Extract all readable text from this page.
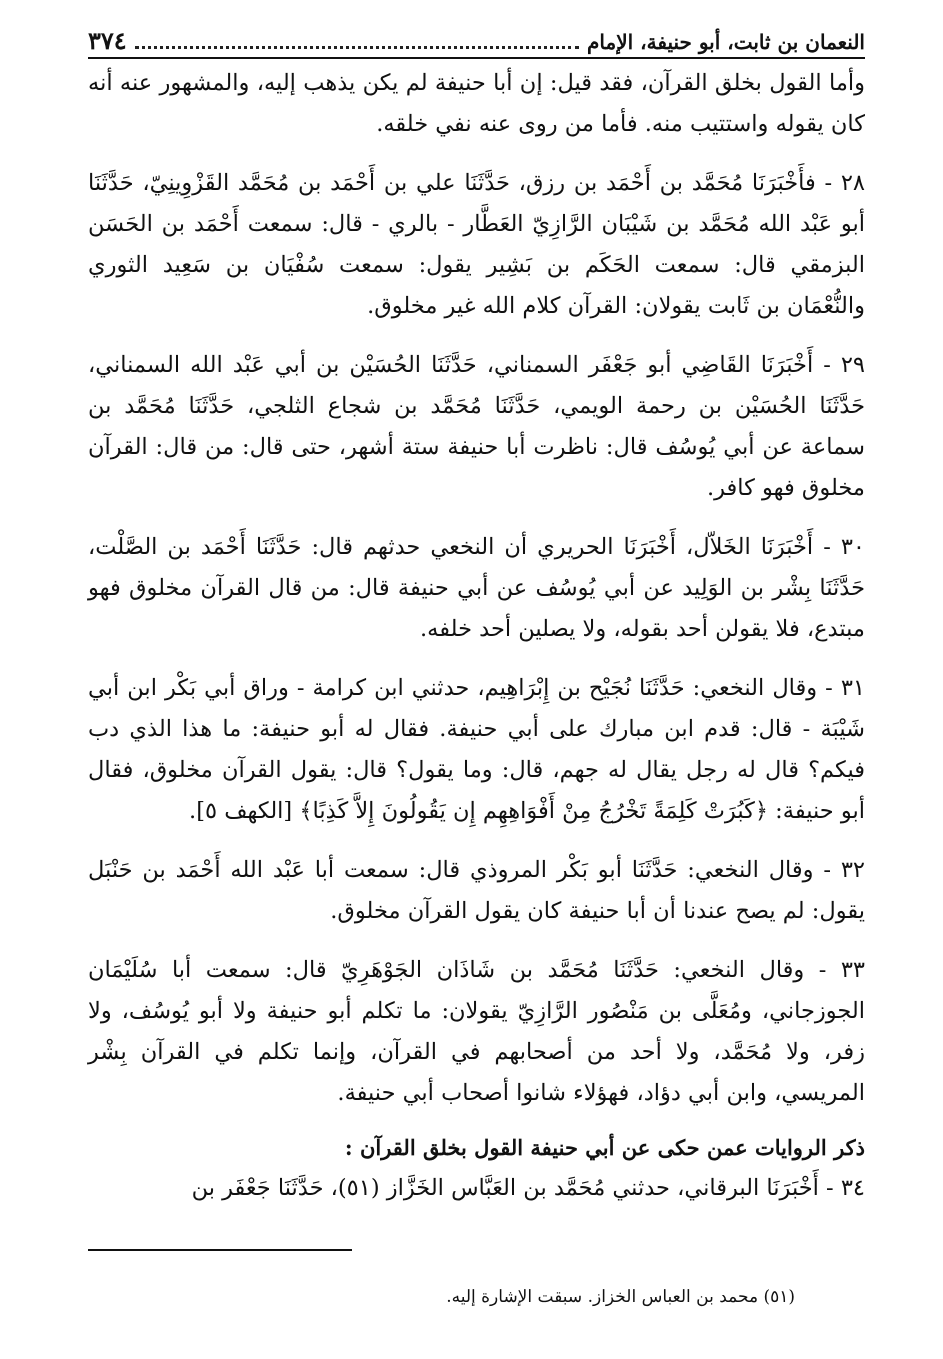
النعمان بن ثابت، أبو حنيفة، الإمام
٣٧٤

وأما القول بخلق القرآن، فقد قيل: إن أبا حنيفة لم يكن يذهب إليه، والمشهور عنه أنه كان يقوله واستتيب منه. فأما من روى عنه نفي خلقه.

٢٨ - فأَخْبَرَنَا مُحَمَّد بن أَحْمَد بن رزق، حَدَّثَنَا علي بن أَحْمَد بن مُحَمَّد القَزْوِينِيّ، حَدَّثَنَا أبو عَبْد الله مُحَمَّد بن شَيْبَان الرَّازِيّ العَطَّار - بالري - قال: سمعت أَحْمَد بن الحَسَن البزمقي قال: سمعت الحَكَم بن بَشِير يقول: سمعت سُفْيَان بن سَعِيد الثوري والنُّعْمَان بن ثَابت يقولان: القرآن كلام الله غير مخلوق.

٢٩ - أَخْبَرَنَا القَاضِي أبو جَعْفَر السمناني، حَدَّثَنَا الحُسَيْن بن أبي عَبْد الله السمناني، حَدَّثَنَا الحُسَيْن بن رحمة الويمي، حَدَّثَنَا مُحَمَّد بن شجاع الثلجي، حَدَّثَنَا مُحَمَّد بن سماعة عن أبي يُوسُف قال: ناظرت أبا حنيفة ستة أشهر، حتى قال: من قال: القرآن مخلوق فهو كافر.

٣٠ - أَخْبَرَنَا الخَلاّل، أَخْبَرَنَا الحريري أن النخعي حدثهم قال: حَدَّثَنَا أَحْمَد بن الصَّلْت، حَدَّثَنَا بِشْر بن الوَلِيد عن أبي يُوسُف عن أبي حنيفة قال: من قال القرآن مخلوق فهو مبتدع، فلا يقولن أحد بقوله، ولا يصلين أحد خلفه.

٣١ - وقال النخعي: حَدَّثَنَا نُجَيْح بن إِبْرَاهِيم، حدثني ابن كرامة - وراق أبي بَكْر ابن أبي شَيْبَة - قال: قدم ابن مبارك على أبي حنيفة. فقال له أبو حنيفة: ما هذا الذي دب فيكم؟ قال له رجل يقال له جهم، قال: وما يقول؟ قال: يقول القرآن مخلوق، فقال أبو حنيفة: ﴿كَبُرَتْ كَلِمَةً تَخْرُجُ مِنْ أَفْوَاهِهِم إِن يَقُولُونَ إِلاَّ كَذِبًا﴾ [الكهف ٥].

٣٢ - وقال النخعي: حَدَّثَنَا أبو بَكْر المروذي قال: سمعت أبا عَبْد الله أَحْمَد بن حَنْبَل يقول: لم يصح عندنا أن أبا حنيفة كان يقول القرآن مخلوق.

٣٣ - وقال النخعي: حَدَّثَنَا مُحَمَّد بن شَاذَان الجَوْهَرِيّ قال: سمعت أبا سُلَيْمَان الجوزجاني، ومُعَلَّى بن مَنْصُور الرَّازِيّ يقولان: ما تكلم أبو حنيفة ولا أبو يُوسُف، ولا زفر، ولا مُحَمَّد، ولا أحد من أصحابهم في القرآن، وإنما تكلم في القرآن بِشْر المريسي، وابن أبي دؤاد، فهؤلاء شانوا أصحاب أبي حنيفة.

ذكر الروايات عمن حكى عن أبي حنيفة القول بخلق القرآن :

٣٤ - أَخْبَرَنَا البرقاني، حدثني مُحَمَّد بن العَبَّاس الخَزَّاز (٥١)، حَدَّثَنَا جَعْفَر بن

(٥١) محمد بن العباس الخزاز. سبقت الإشارة إليه.
